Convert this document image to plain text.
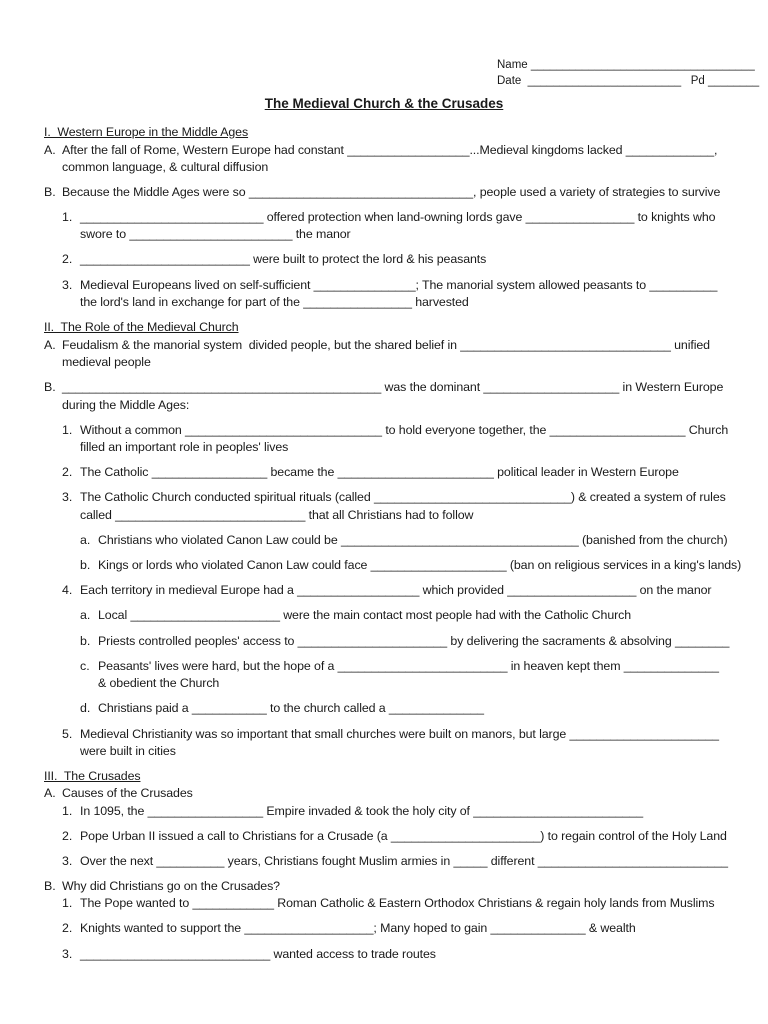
Name ___________________________________
Date  ________________________   Pd ________
The Medieval Church & the Crusades
I.  Western Europe in the Middle Ages
A. After the fall of Rome, Western Europe had constant __________________...Medieval kingdoms lacked _____________,
common language, & cultural diffusion
B. Because the Middle Ages were so _________________________________, people used a variety of strategies to survive
1. ___________________________ offered protection when land-owning lords gave ________________ to knights who
swore to ________________________ the manor
2. _________________________ were built to protect the lord & his peasants
3. Medieval Europeans lived on self-sufficient _______________; The manorial system allowed peasants to __________
the lord's land in exchange for part of the ________________ harvested
II.  The Role of the Medieval Church
A. Feudalism & the manorial system  divided people, but the shared belief in _______________________________ unified
medieval people
B. _______________________________________________ was the dominant ____________________ in Western Europe
during the Middle Ages:
1. Without a common _____________________________ to hold everyone together, the ____________________ Church
filled an important role in peoples' lives
2. The Catholic _________________ became the _______________________ political leader in Western Europe
3. The Catholic Church conducted spiritual rituals (called _____________________________) & created a system of rules
called ____________________________ that all Christians had to follow
a. Christians who violated Canon Law could be ___________________________________ (banished from the church)
b. Kings or lords who violated Canon Law could face ____________________ (ban on religious services in a king's lands)
4. Each territory in medieval Europe had a __________________ which provided ___________________ on the manor
a. Local ______________________ were the main contact most people had with the Catholic Church
b. Priests controlled peoples' access to ______________________ by delivering the sacraments & absolving ________
c. Peasants' lives were hard, but the hope of a _________________________ in heaven kept them ______________
& obedient the Church
d. Christians paid a ___________ to the church called a ______________
5. Medieval Christianity was so important that small churches were built on manors, but large ______________________
were built in cities
III.  The Crusades
A. Causes of the Crusades
1. In 1095, the _________________ Empire invaded & took the holy city of _________________________
2. Pope Urban II issued a call to Christians for a Crusade (a ______________________) to regain control of the Holy Land
3. Over the next __________ years, Christians fought Muslim armies in _____ different ____________________________
B. Why did Christians go on the Crusades?
1. The Pope wanted to ____________ Roman Catholic & Eastern Orthodox Christians & regain holy lands from Muslims
2. Knights wanted to support the ___________________; Many hoped to gain ______________ & wealth
3. ____________________________ wanted access to trade routes
